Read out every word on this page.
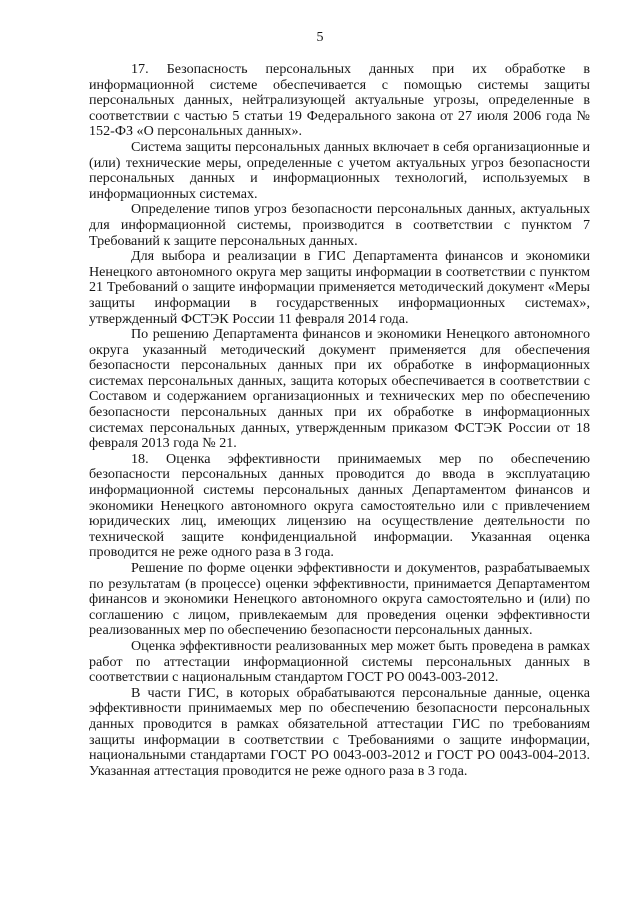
5

17. Безопасность персональных данных при их обработке в информационной системе обеспечивается с помощью системы защиты персональных данных, нейтрализующей актуальные угрозы, определенные в соответствии с частью 5 статьи 19 Федерального закона от 27 июля 2006 года № 152-ФЗ «О персональных данных».

Система защиты персональных данных включает в себя организационные и (или) технические меры, определенные с учетом актуальных угроз безопасности персональных данных и информационных технологий, используемых в информационных системах.

Определение типов угроз безопасности персональных данных, актуальных для информационной системы, производится в соответствии с пунктом 7 Требований к защите персональных данных.

Для выбора и реализации в ГИС Департамента финансов и экономики Ненецкого автономного округа мер защиты информации в соответствии с пунктом 21 Требований о защите информации применяется методический документ «Меры защиты информации в государственных информационных системах», утвержденный ФСТЭК России 11 февраля 2014 года.

По решению Департамента финансов и экономики Ненецкого автономного округа указанный методический документ применяется для обеспечения безопасности персональных данных при их обработке в информационных системах персональных данных, защита которых обеспечивается в соответствии с Составом и содержанием организационных и технических мер по обеспечению безопасности персональных данных при их обработке в информационных системах персональных данных, утвержденным приказом ФСТЭК России от 18 февраля 2013 года № 21.

18. Оценка эффективности принимаемых мер по обеспечению безопасности персональных данных проводится до ввода в эксплуатацию информационной системы персональных данных Департаментом финансов и экономики Ненецкого автономного округа самостоятельно или с привлечением юридических лиц, имеющих лицензию на осуществление деятельности по технической защите конфиденциальной информации. Указанная оценка проводится не реже одного раза в 3 года.

Решение по форме оценки эффективности и документов, разрабатываемых по результатам (в процессе) оценки эффективности, принимается Департаментом финансов и экономики Ненецкого автономного округа самостоятельно и (или) по соглашению с лицом, привлекаемым для проведения оценки эффективности реализованных мер по обеспечению безопасности персональных данных.

Оценка эффективности реализованных мер может быть проведена в рамках работ по аттестации информационной системы персональных данных в соответствии с национальным стандартом ГОСТ РО 0043-003-2012.

В части ГИС, в которых обрабатываются персональные данные, оценка эффективности принимаемых мер по обеспечению безопасности персональных данных проводится в рамках обязательной аттестации ГИС по требованиям защиты информации в соответствии с Требованиями о защите информации, национальными стандартами ГОСТ РО 0043-003-2012 и ГОСТ РО 0043-004-2013. Указанная аттестация проводится не реже одного раза в 3 года.
